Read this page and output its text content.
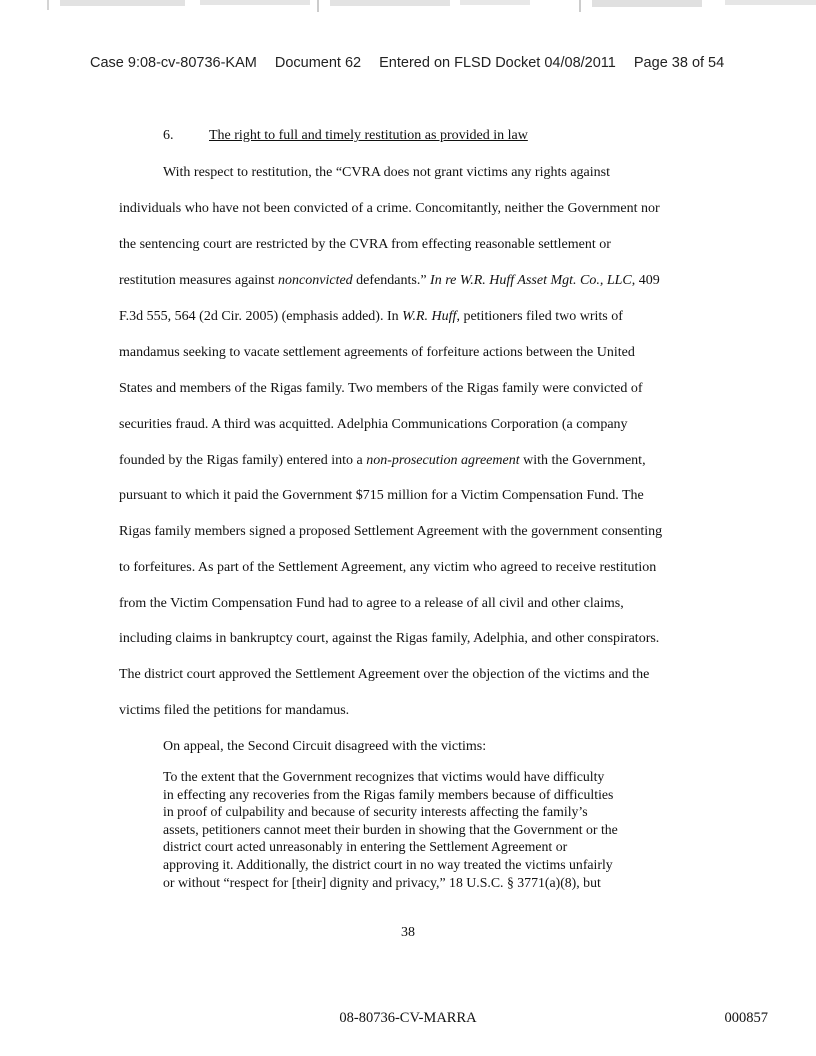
Case 9:08-cv-80736-KAM Document 62 Entered on FLSD Docket 04/08/2011 Page 38 of 54
6.	The right to full and timely restitution as provided in law
With respect to restitution, the “CVRA does not grant victims any rights against
individuals who have not been convicted of a crime. Concomitantly, neither the Government nor
the sentencing court are restricted by the CVRA from effecting reasonable settlement or
restitution measures against nonconvicted defendants.” In re W.R. Huff Asset Mgt. Co., LLC, 409
F.3d 555, 564 (2d Cir. 2005) (emphasis added). In W.R. Huff, petitioners filed two writs of
mandamus seeking to vacate settlement agreements of forfeiture actions between the United
States and members of the Rigas family. Two members of the Rigas family were convicted of
securities fraud. A third was acquitted. Adelphia Communications Corporation (a company
founded by the Rigas family) entered into a non-prosecution agreement with the Government,
pursuant to which it paid the Government $715 million for a Victim Compensation Fund. The
Rigas family members signed a proposed Settlement Agreement with the government consenting
to forfeitures. As part of the Settlement Agreement, any victim who agreed to receive restitution
from the Victim Compensation Fund had to agree to a release of all civil and other claims,
including claims in bankruptcy court, against the Rigas family, Adelphia, and other conspirators.
The district court approved the Settlement Agreement over the objection of the victims and the
victims filed the petitions for mandamus.
On appeal, the Second Circuit disagreed with the victims:
To the extent that the Government recognizes that victims would have difficulty
in effecting any recoveries from the Rigas family members because of difficulties
in proof of culpability and because of security interests affecting the family’s
assets, petitioners cannot meet their burden in showing that the Government or the
district court acted unreasonably in entering the Settlement Agreement or
approving it. Additionally, the district court in no way treated the victims unfairly
or without “respect for [their] dignity and privacy,” 18 U.S.C. § 3771(a)(8), but
38
08-80736-CV-MARRA	000857
